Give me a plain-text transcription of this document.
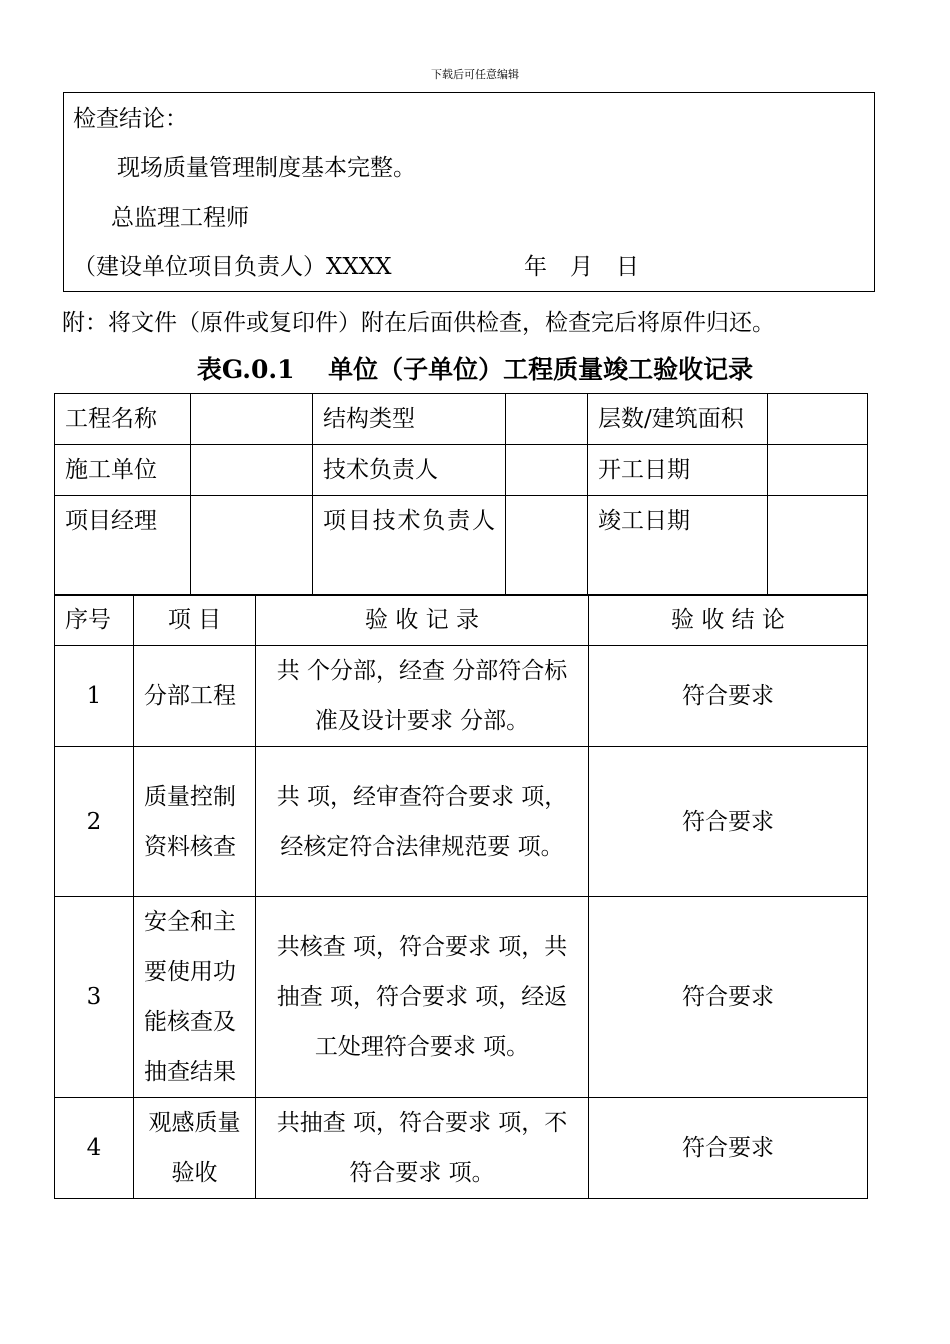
下载后可任意编辑
检查结论：
现场质量管理制度基本完整。
总监理工程师
（建设单位项目负责人）XXXX	年　月　日
附：将文件（原件或复印件）附在后面供检查，检查完后将原件归还。
表G.0.1　 单位（子单位）工程质量竣工验收记录
工程名称		结构类型		层数/建筑面积	
施工单位		技术负责人		开工日期	
项目经理		项目技术负责人		竣工日期	
序号	项 目	验 收 记 录	验 收 结 论
1	分部工程	共 个分部，经查 分部符合标准及设计要求 分部。	符合要求
2	质量控制资料核查	共 项，经审查符合要求 项，经核定符合法律规范要 项。	符合要求
3	安全和主要使用功能核查及抽查结果	共核查 项，符合要求 项，共抽查 项，符合要求 项，经返工处理符合要求 项。	符合要求
4	观感质量验收	共抽查 项，符合要求 项，不符合要求 项。	符合要求
